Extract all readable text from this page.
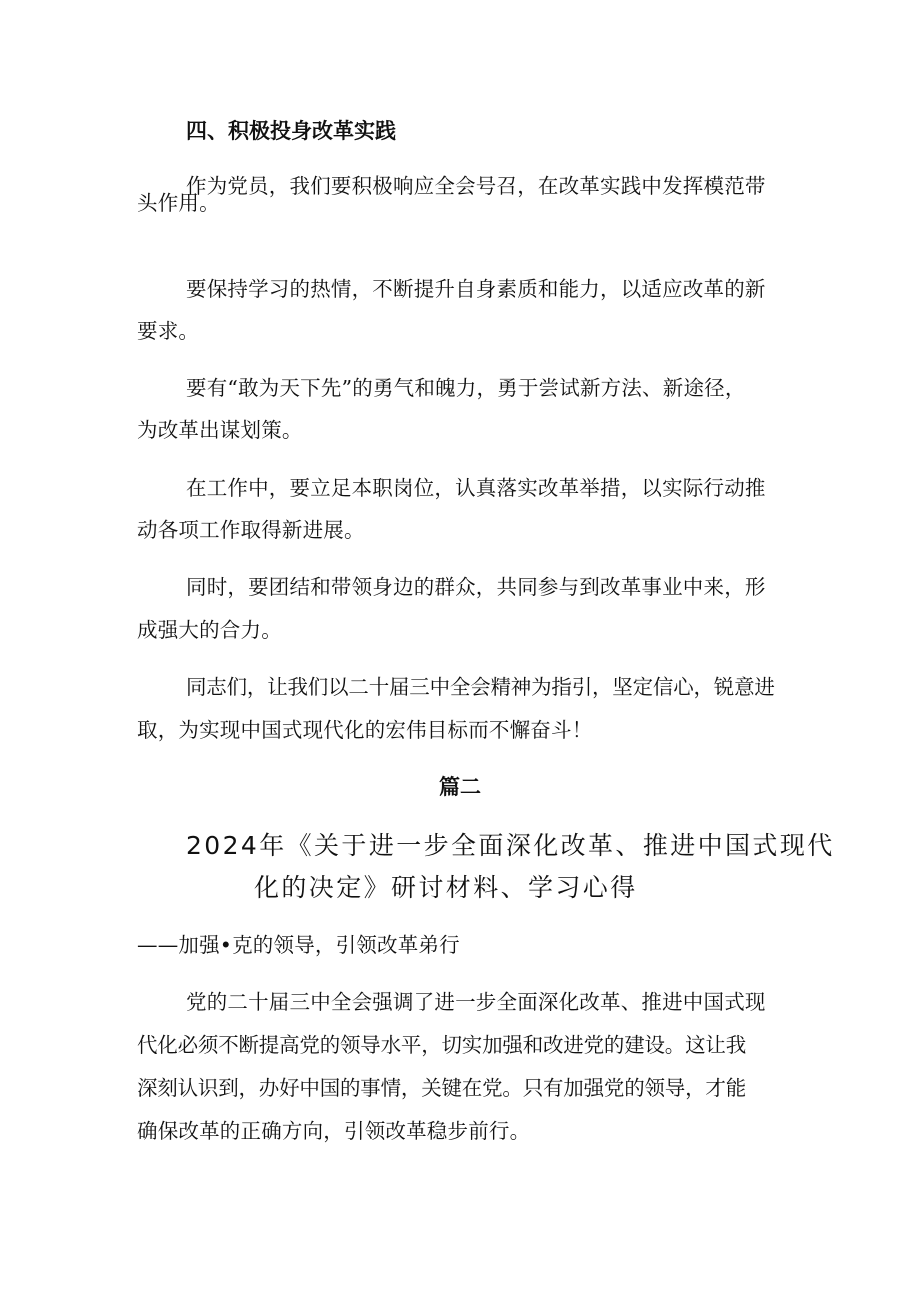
四、积极投身改革实践
作为党员，我们要积极响应全会号召，在改革实践中发挥模范带
头作用。
要保持学习的热情，不断提升自身素质和能力，以适应改革的新
要求。
要有“敢为天下先”的勇气和魄力，勇于尝试新方法、新途径，
为改革出谋划策。
在工作中，要立足本职岗位，认真落实改革举措，以实际行动推
动各项工作取得新进展。
同时，要团结和带领身边的群众，共同参与到改革事业中来，形
成强大的合力。
同志们，让我们以二十届三中全会精神为指引，坚定信心，锐意进
取，为实现中国式现代化的宏伟目标而不懈奋斗！
篇二
2024年《关于进一步全面深化改革、推进中国式现代
化的决定》研讨材料、学习心得
——加强•克的领导，引领改革弟行
党的二十届三中全会强调了进一步全面深化改革、推进中国式现
代化必须不断提高党的领导水平，切实加强和改进党的建设。这让我
深刻认识到，办好中国的事情，关键在党。只有加强党的领导，才能
确保改革的正确方向，引领改革稳步前行。
